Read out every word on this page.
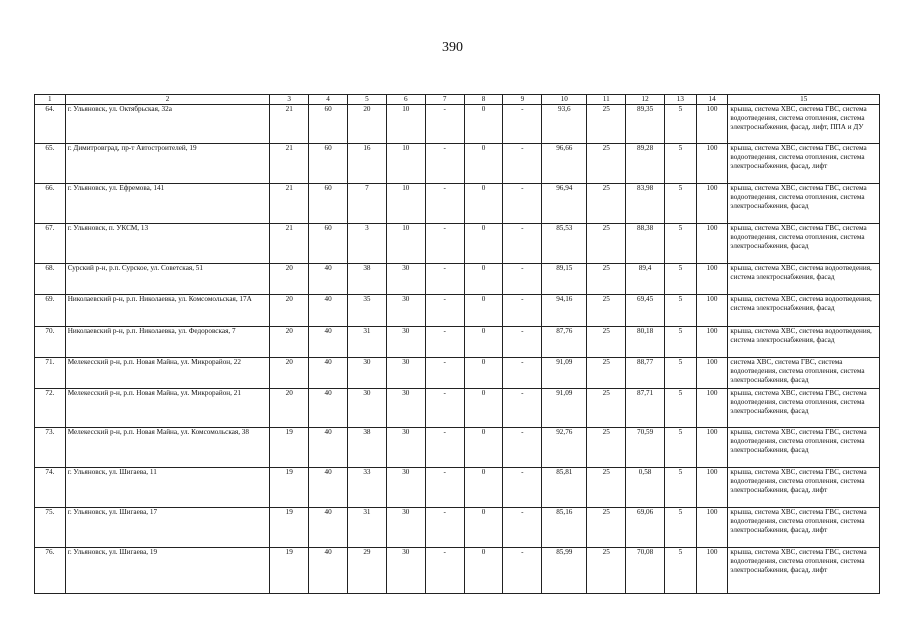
390
1	2	3	4	5	6	7	8	9	10	11	12	13	14	15
64.	г. Ульяновск, ул. Октябрьская, 32а	21	60	20	10	-	0	-	93,6	25	89,35	5	100	крыша, система ХВС, система ГВС, система водоотведения, система отопления, система электроснабжения, фасад, лифт, ППА и ДУ
65.	г. Димитровград, пр-т Автостроителей, 19	21	60	16	10	-	0	-	96,66	25	89,28	5	100	крыша, система ХВС, система ГВС, система водоотведения, система отопления, система электроснабжения, фасад, лифт
66.	г. Ульяновск, ул. Ефремова, 141	21	60	7	10	-	0	-	96,94	25	83,98	5	100	крыша, система ХВС, система ГВС, система водоотведения, система отопления, система электроснабжения, фасад
67.	г. Ульяновск, п. УКСМ, 13	21	60	3	10	-	0	-	85,53	25	88,38	5	100	крыша, система ХВС, система ГВС, система водоотведения, система отопления, система электроснабжения, фасад
68.	Сурский р-н, р.п. Сурское, ул. Советская, 51	20	40	38	30	-	0	-	89,15	25	89,4	5	100	крыша, система ХВС, система водоотведения, система электроснабжения, фасад
69.	Николаевский р-н, р.п. Николаевка, ул. Комсомольская, 17А	20	40	35	30	-	0	-	94,16	25	69,45	5	100	крыша, система ХВС, система водоотведения, система электроснабжения, фасад
70.	Николаевский р-н, р.п. Николаевка, ул. Федоровская, 7	20	40	31	30	-	0	-	87,76	25	80,18	5	100	крыша, система ХВС, система водоотведения, система электроснабжения, фасад
71.	Мелекесский р-н, р.п. Новая Майна, ул. Микрорайон, 22	20	40	30	30	-	0	-	91,09	25	88,77	5	100	система ХВС, система ГВС, система водоотведения, система отопления, система электроснабжения, фасад
72.	Мелекесский р-н, р.п. Новая Майна, ул. Микрорайон, 21	20	40	30	30	-	0	-	91,09	25	87,71	5	100	крыша, система ХВС, система ГВС, система водоотведения, система отопления, система электроснабжения, фасад
73.	Мелекесский р-н, р.п. Новая Майна, ул. Комсомольская, 38	19	40	38	30	-	0	-	92,76	25	70,59	5	100	крыша, система ХВС, система ГВС, система водоотведения, система отопления, система электроснабжения, фасад
74.	г. Ульяновск, ул. Шигаева, 11	19	40	33	30	-	0	-	85,81	25	0,58	5	100	крыша, система ХВС, система ГВС, система водоотведения, система отопления, система электроснабжения, фасад, лифт
75.	г. Ульяновск, ул. Шигаева, 17	19	40	31	30	-	0	-	85,16	25	69,06	5	100	крыша, система ХВС, система ГВС, система водоотведения, система отопления, система электроснабжения, фасад, лифт
76.	г. Ульяновск, ул. Шигаева, 19	19	40	29	30	-	0	-	85,99	25	70,08	5	100	крыша, система ХВС, система ГВС, система водоотведения, система отопления, система электроснабжения, фасад, лифт
